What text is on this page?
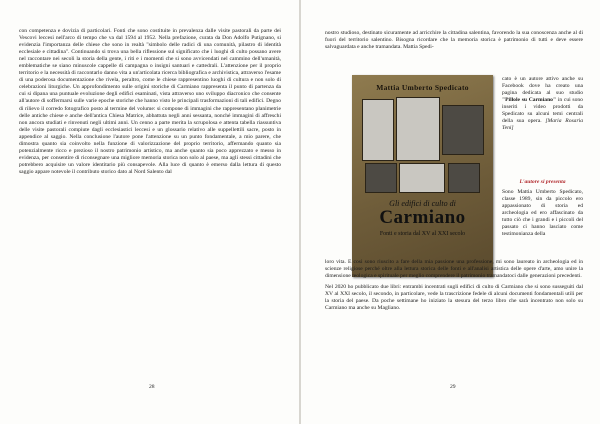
con competenza e dovizia di particolari. Fonti che sono costituite in prevalenza dalle visite pastorali da parte dei Vescovi leccesi nell'arco di tempo che va dal 1594 al 1952. Nella prefazione, curata da Don Adolfo Putignano, si evidenzia l'importanza delle chiese che sono in realtà "simbolo delle radici di una comunità, pilastro di identità ecclesiale e cittadina". Continuando si trova una bella riflessione sul significato che i luoghi di culto possano avere nel raccontare nei secoli la storia della gente, i riti e i momenti che si sono avvicendati nel cammino dell'umanità, emblematiche se siano minuscole cappelle di campagna o insigni santuari e cattedrali. L'attenzione per il proprio territorio e la necessità di raccontarlo danno vita a un'articolata ricerca bibliografica e archivistica, attraverso l'esame di una poderosa documentazione che rivela, peraltro, come le chiese rappresentino luoghi di cultura e non solo di celebrazioni liturgiche. Un approfondimento sulle origini storiche di Carmiano rappresenta il punto di partenza da cui si dipana una puntuale evoluzione degli edifici esaminati, vista attraverso uno sviluppo diacronico che consente all'autore di soffermarsi sulle varie epoche storiche che hanno visto le principali trasformazioni di tali edifici. Degno di rilievo il corredo fotografico posto al termine del volume: si compone di immagini che rappresentano planimetrie delle antiche chiese e anche dell'antica Chiesa Matrice, abbattuta negli anni sessanta, nonché immagini di affreschi non ancora studiati e rinvenuti negli ultimi anni. Un cenno a parte merita la scrupolosa e attenta tabella riassuntiva delle visite pastorali compiute dagli ecclesiastici leccesi e un glossario relativo alle suppellettili sacre, posto in appendice al saggio. Nella conclusione l'autore pone l'attenzione su un punto fondamentale, a mio parere, che dimostra quanto sia coinvolto nella funzione di valorizzazione del proprio territorio, affermando quanto sia potenzialmente ricco e prezioso il nostro patrimonio artistico, ma anche quanto sia poco apprezzato e messo in evidenza, per consentire di riconsegnare una migliore memoria storica non solo al paese, ma agli stessi cittadini che potrebbero acquisire un valore identitario più consapevole. Alla luce di quanto è emerso dalla lettura di questo saggio appare notevole il contributo storico dato al Nord Salento dal

28

nostro studioso, destinato sicuramente ad arricchire la cittadina salentina, favorendo la sua conoscenza anche al di fuori del territorio salentino. Bisogna ricordare che la memoria storica è patrimonio di tutti e deve essere salvaguardata e anche tramandata. Mattia Spedi-

cato è un autore attivo anche su Facebook dove ha creato una pagina dedicata al suo studio "Pillole su Carmiano" in cui sono inseriti i video prodotti da Spedicato su alcuni temi centrali della sua opera. [Maria Rosaria Teni]

L'autore si presenta

Sono Mattia Umberto Spedicato, classe 1989, sin da piccolo ero appassionato di storia ed archeologia ed ero affascinato da tutto ciò che i grandi e i piccoli del passato ci hanno lasciato come testimonianza della

Mattia Umberto Spedicato
Gli edifici di culto di
Carmiano
Fonti e storia dal XV al XXI secolo

loro vita. E così sono riuscito a fare della mia passione una professione, mi sono laureato in archeologia ed in scienze religiose perché oltre alla lettura storica delle fonti e all'analisi artistica delle opere d'arte, amo unire la dimensione teologica e spirituale per meglio comprendere il patrimonio tramandatoci dalle generazioni precedenti.

Nel 2020 ho pubblicato due libri: entrambi incentrati sugli edifici di culto di Carmiano che si sono susseguiti dal XV al XXI secolo, il secondo, in particolare, vede la trascrizione fedele di alcuni documenti fondamentali utili per la storia del paese. Da poche settimane ho iniziato la stesura del terzo libro che sarà incentrato non solo su Carmiano ma anche su Magliano.

29
